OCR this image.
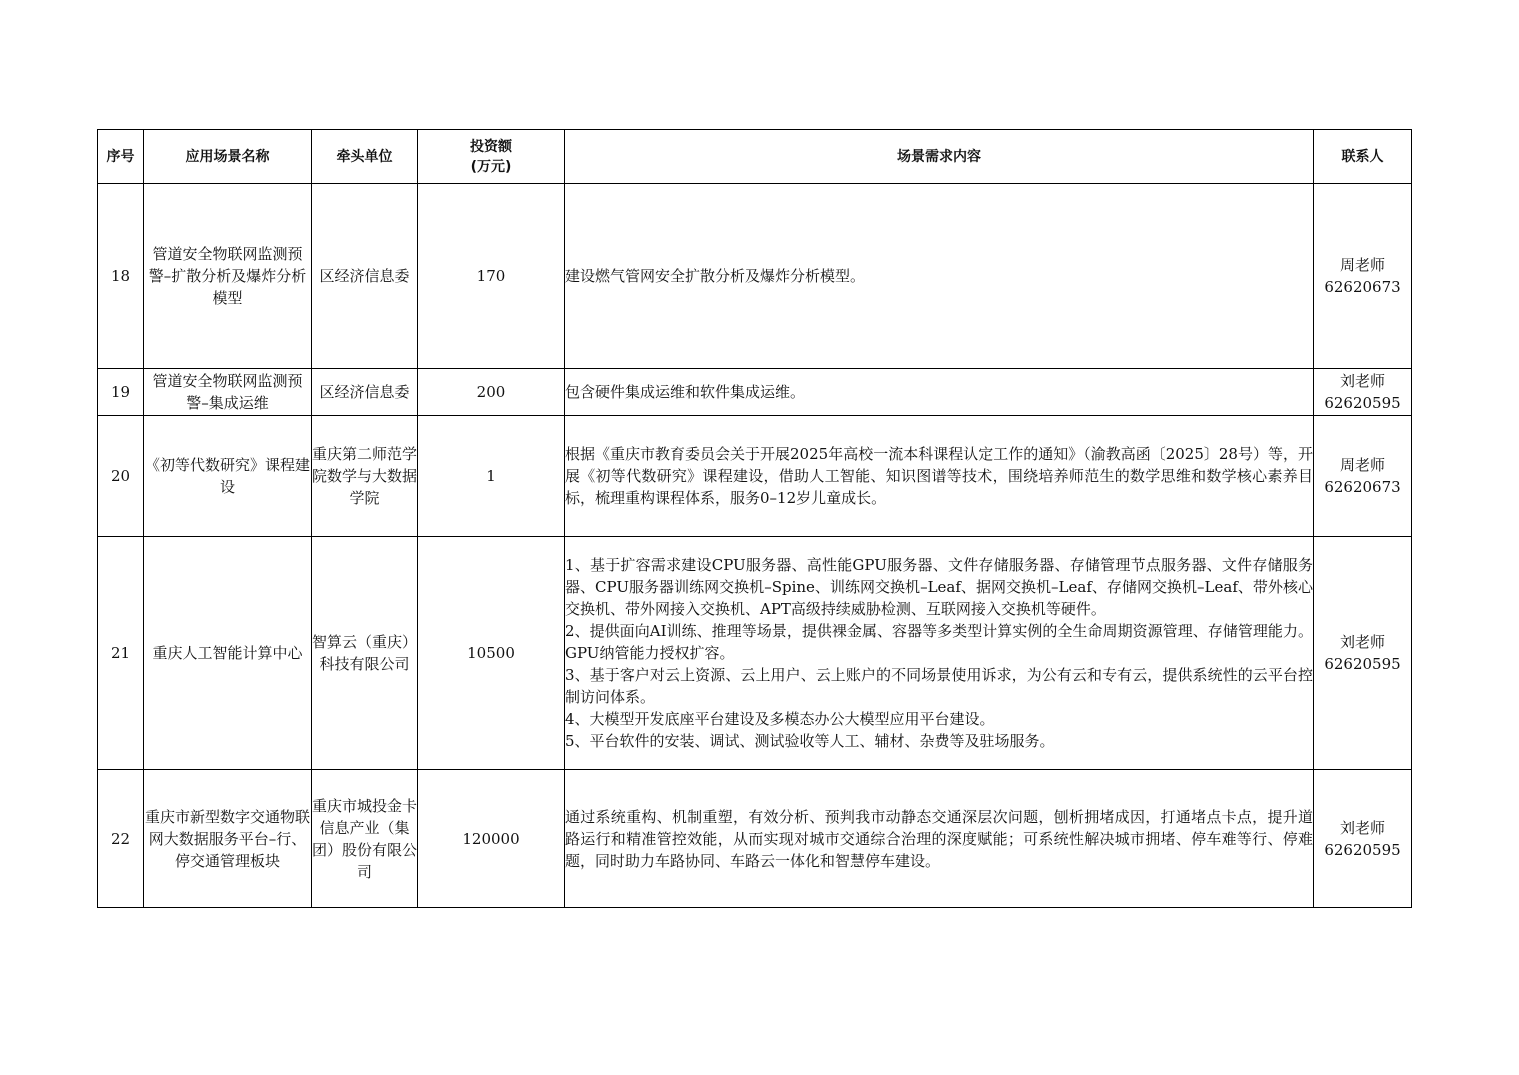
序号	应用场景名称	牵头单位	投资额
(万元)	场景需求内容	联系人
18	管道安全物联网监测预警–扩散分析及爆炸分析模型	区经济信息委	170	建设燃气管网安全扩散分析及爆炸分析模型。	周老师
62620673

19	管道安全物联网监测预警–集成运维	区经济信息委	200	包含硬件集成运维和软件集成运维。	刘老师
62620595

20	《初等代数研究》课程建设	重庆第二师范学院数学与大数据学院	1	根据《重庆市教育委员会关于开展2025年高校一流本科课程认定工作的通知》（渝教高函〔2025〕28号）等，开展《初等代数研究》课程建设，借助人工智能、知识图谱等技术，围绕培养师范生的数学思维和数学核心素养目标，梳理重构课程体系，服务0–12岁儿童成长。	周老师
62620673

21	重庆人工智能计算中心	智算云（重庆）科技有限公司	10500	1、基于扩容需求建设CPU服务器、高性能GPU服务器、文件存储服务器、存储管理节点服务器、文件存储服务器、CPU服务器训练网交换机–Spine、训练网交换机–Leaf、据网交换机–Leaf、存储网交换机–Leaf、带外核心交换机、带外网接入交换机、APT高级持续威胁检测、互联网接入交换机等硬件。
2、提供面向AI训练、推理等场景，提供裸金属、容器等多类型计算实例的全生命周期资源管理、存储管理能力。GPU纳管能力授权扩容。
3、基于客户对云上资源、云上用户、云上账户的不同场景使用诉求，为公有云和专有云，提供系统性的云平台控制访问体系。
4、大模型开发底座平台建设及多模态办公大模型应用平台建设。
5、平台软件的安装、调试、测试验收等人工、辅材、杂费等及驻场服务。	刘老师
62620595

22	重庆市新型数字交通物联网大数据服务平台–行、停交通管理板块	重庆市城投金卡信息产业（集团）股份有限公司	120000	通过系统重构、机制重塑，有效分析、预判我市动静态交通深层次问题，刨析拥堵成因，打通堵点卡点，提升道路运行和精准管控效能，从而实现对城市交通综合治理的深度赋能；可系统性解决城市拥堵、停车难等行、停难题，同时助力车路协同、车路云一体化和智慧停车建设。	刘老师
62620595
